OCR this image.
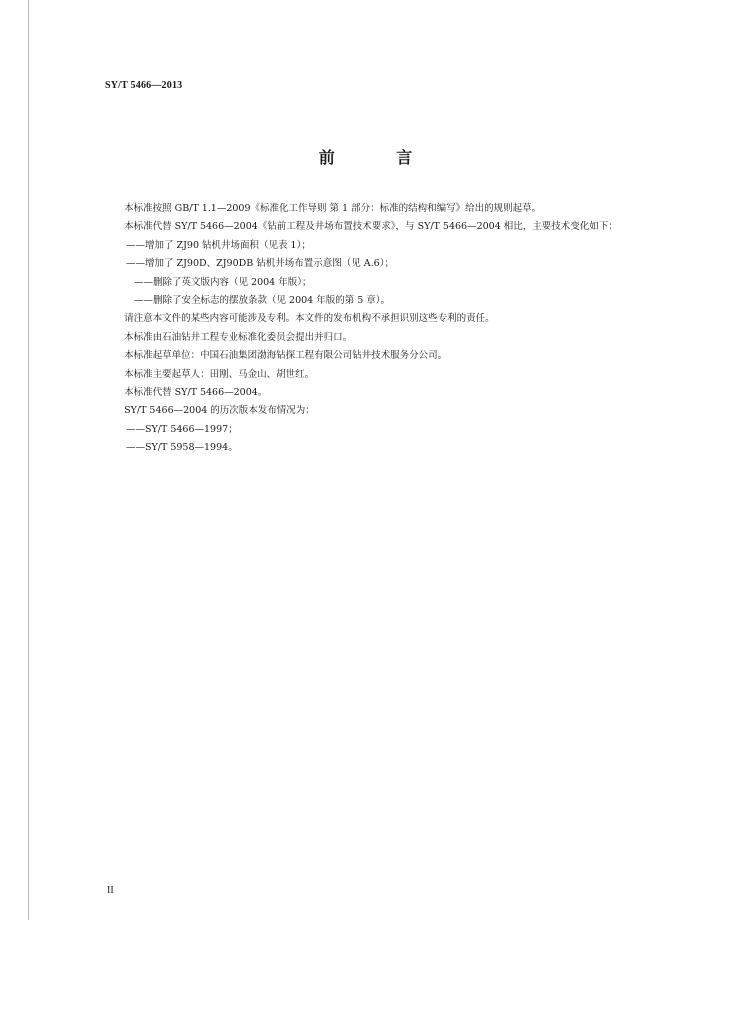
SY/T 5466—2013
前 言

本标准按照 GB/T 1.1—2009《标准化工作导则 第 1 部分：标准的结构和编写》给出的规则起草。

本标准代替 SY/T 5466—2004《钻前工程及井场布置技术要求》，与 SY/T 5466—2004 相比，主要技术变化如下：

——增加了 ZJ90 钻机井场面积（见表 1）；

——增加了 ZJ90D、ZJ90DB 钻机井场布置示意图（见 A.6）；

——删除了英文版内容（见 2004 年版）；

——删除了安全标志的摆放条款（见 2004 年版的第 5 章）。

请注意本文件的某些内容可能涉及专利。本文件的发布机构不承担识别这些专利的责任。

本标准由石油钻井工程专业标准化委员会提出并归口。

本标准起草单位：中国石油集团渤海钻探工程有限公司钻井技术服务分公司。

本标准主要起草人：田刚、马金山、胡世红。

本标准代替 SY/T 5466—2004。

SY/T 5466—2004 的历次版本发布情况为：

——SY/T 5466—1997；

——SY/T 5958—1994。

II
